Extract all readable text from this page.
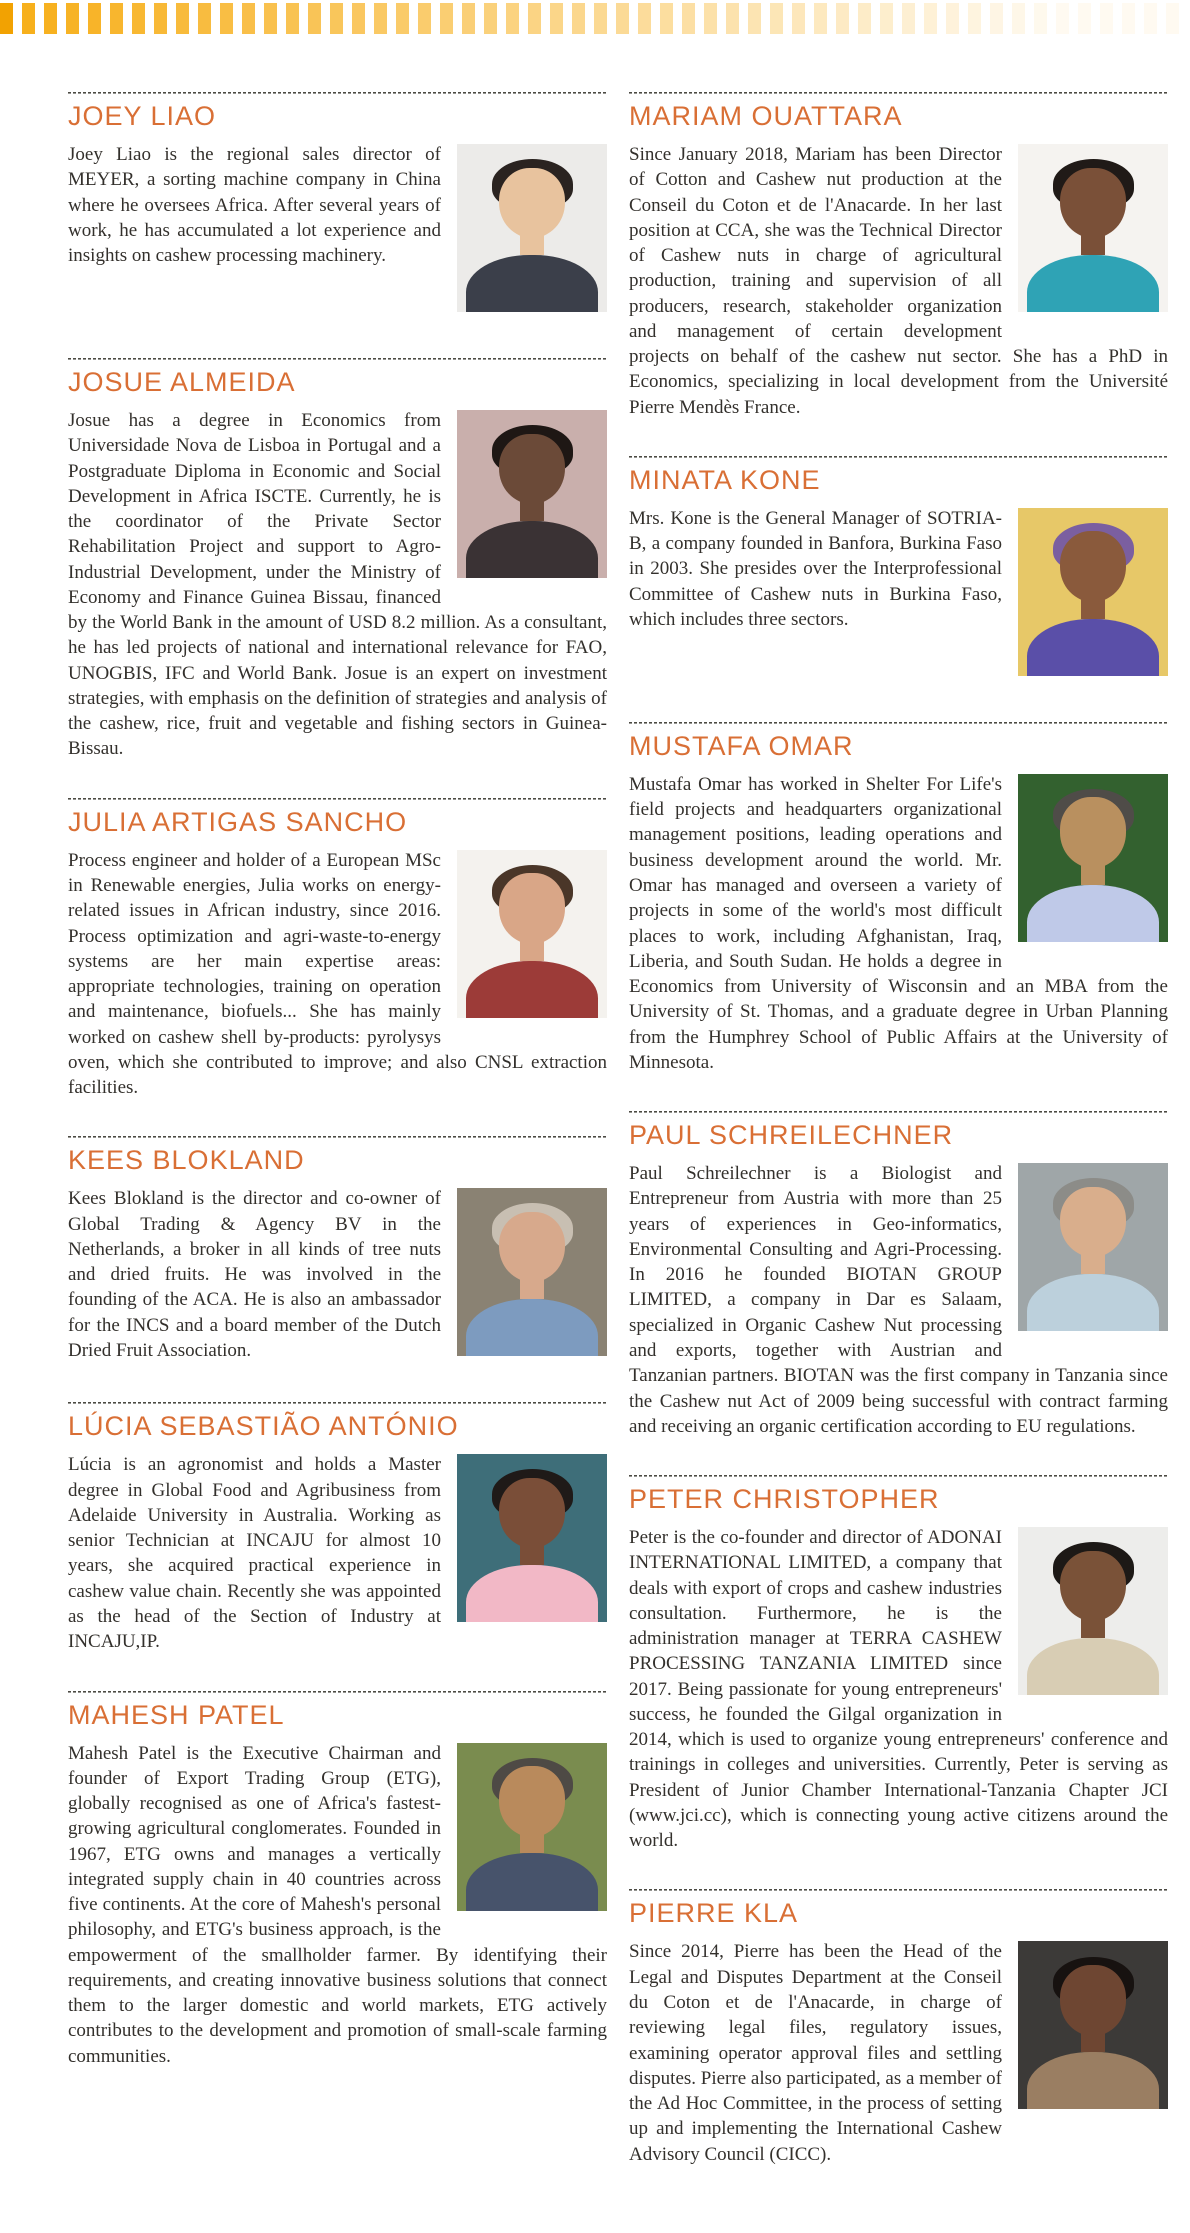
JOEY LIAO

Joey Liao is the regional sales director of MEYER, a sorting machine company in China where he oversees Africa. After several years of work, he has accumulated a lot experience and insights on cashew processing machinery.

JOSUE ALMEIDA

Josue has a degree in Economics from Universidade Nova de Lisboa in Portugal and a Postgraduate Diploma in Economic and Social Development in Africa ISCTE. Currently, he is the coordinator of the Private Sector Rehabilitation Project and support to Agro-Industrial Development, under the Ministry of Economy and Finance Guinea Bissau, financed by the World Bank in the amount of USD 8.2 million. As a consultant, he has led projects of national and international relevance for FAO, UNOGBIS, IFC and World Bank. Josue is an expert on investment strategies, with emphasis on the definition of strategies and analysis of the cashew, rice, fruit and vegetable and fishing sectors in Guinea-Bissau.

JULIA ARTIGAS SANCHO

Process engineer and holder of a European MSc in Renewable energies, Julia works on energy-related issues in African industry, since 2016. Process optimization and agri-waste-to-energy systems are her main expertise areas: appropriate technologies, training on operation and maintenance, biofuels... She has mainly worked on cashew shell by-products: pyrolysys oven, which she contributed to improve; and also CNSL extraction facilities.

KEES BLOKLAND

Kees Blokland is the director and co-owner of Global Trading & Agency BV in the Netherlands, a broker in all kinds of tree nuts and dried fruits. He was involved in the founding of the ACA. He is also an ambassador for the INCS and a board member of the Dutch Dried Fruit Association.

LÚCIA SEBASTIÃO ANTÓNIO

Lúcia is an agronomist and holds a Master degree in Global Food and Agribusiness from Adelaide University in Australia. Working as senior Technician at INCAJU for almost 10 years, she acquired practical experience in cashew value chain. Recently she was appointed as the head of the Section of Industry at INCAJU,IP.

MAHESH PATEL

Mahesh Patel is the Executive Chairman and founder of Export Trading Group (ETG), globally recognised as one of Africa's fastest-growing agricultural conglomerates. Founded in 1967, ETG owns and manages a vertically integrated supply chain in 40 countries across five continents. At the core of Mahesh's personal philosophy, and ETG's business approach, is the empowerment of the smallholder farmer. By identifying their requirements, and creating innovative business solutions that connect them to the larger domestic and world markets, ETG actively contributes to the development and promotion of small-scale farming communities.

MARIAM OUATTARA

Since January 2018, Mariam has been Director of Cotton and Cashew nut production at the Conseil du Coton et de l'Anacarde. In her last position at CCA, she was the Technical Director of Cashew nuts in charge of agricultural production, training and supervision of all producers, research, stakeholder organization and management of certain development projects on behalf of the cashew nut sector. She has a PhD in Economics, specializing in local development from the Université Pierre Mendès France.

MINATA KONE

Mrs. Kone is the General Manager of SOTRIA-B, a company founded in Banfora, Burkina Faso in 2003. She presides over the Interprofessional Committee of Cashew nuts in Burkina Faso, which includes three sectors.

MUSTAFA OMAR

Mustafa Omar has worked in Shelter For Life's field projects and headquarters organizational management positions, leading operations and business development around the world. Mr. Omar has managed and overseen a variety of projects in some of the world's most difficult places to work, including Afghanistan, Iraq, Liberia, and South Sudan. He holds a degree in Economics from University of Wisconsin and an MBA from the University of St. Thomas, and a graduate degree in Urban Planning from the Humphrey School of Public Affairs at the University of Minnesota.

PAUL SCHREILECHNER

Paul Schreilechner is a Biologist and Entrepreneur from Austria with more than 25 years of experiences in Geo-informatics, Environmental Consulting and Agri-Processing. In 2016 he founded BIOTAN GROUP LIMITED, a company in Dar es Salaam, specialized in Organic Cashew Nut processing and exports, together with Austrian and Tanzanian partners. BIOTAN was the first company in Tanzania since the Cashew nut Act of 2009 being successful with contract farming and receiving an organic certification according to EU regulations.

PETER CHRISTOPHER

Peter is the co-founder and director of ADONAI INTERNATIONAL LIMITED, a company that deals with export of crops and cashew industries consultation. Furthermore, he is the administration manager at TERRA CASHEW PROCESSING TANZANIA LIMITED since 2017. Being passionate for young entrepreneurs' success, he founded the Gilgal organization in 2014, which is used to organize young entrepreneurs' conference and trainings in colleges and universities. Currently, Peter is serving as President of Junior Chamber International-Tanzania Chapter JCI (www.jci.cc), which is connecting young active citizens around the world.

PIERRE KLA

Since 2014, Pierre has been the Head of the Legal and Disputes Department at the Conseil du Coton et de l'Anacarde, in charge of reviewing legal files, regulatory issues, examining operator approval files and settling disputes. Pierre also participated, as a member of the Ad Hoc Committee, in the process of setting up and implementing the International Cashew Advisory Council (CICC).
